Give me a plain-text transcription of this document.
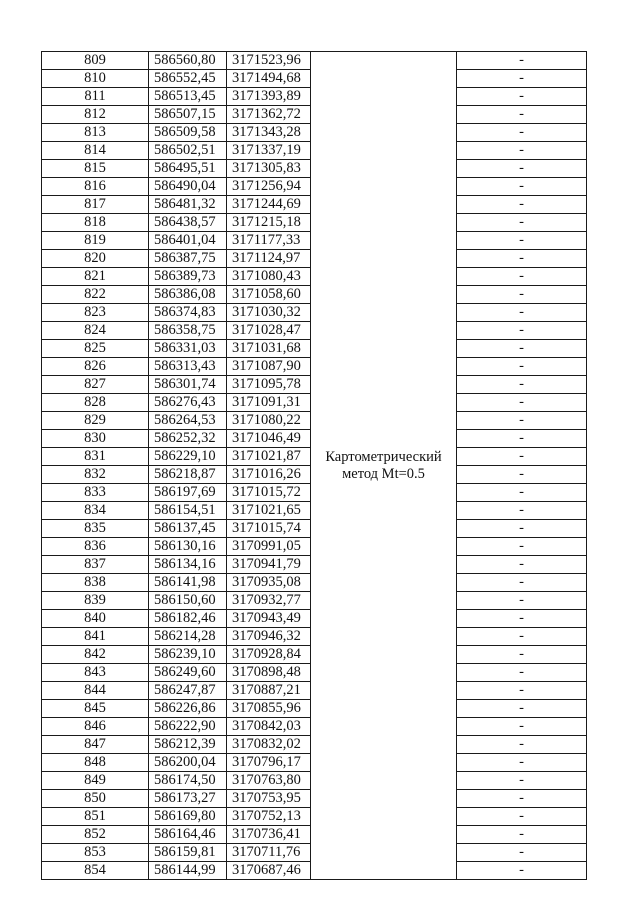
809	586560,80	3171523,96	Картометрический
метод Mt=0.5	-
810	586552,45	3171494,68		-
811	586513,45	3171393,89		-
812	586507,15	3171362,72		-
813	586509,58	3171343,28		-
814	586502,51	3171337,19		-
815	586495,51	3171305,83		-
816	586490,04	3171256,94		-
817	586481,32	3171244,69		-
818	586438,57	3171215,18		-
819	586401,04	3171177,33		-
820	586387,75	3171124,97		-
821	586389,73	3171080,43		-
822	586386,08	3171058,60		-
823	586374,83	3171030,32		-
824	586358,75	3171028,47		-
825	586331,03	3171031,68		-
826	586313,43	3171087,90		-
827	586301,74	3171095,78		-
828	586276,43	3171091,31		-
829	586264,53	3171080,22		-
830	586252,32	3171046,49		-
831	586229,10	3171021,87		-
832	586218,87	3171016,26		-
833	586197,69	3171015,72		-
834	586154,51	3171021,65		-
835	586137,45	3171015,74		-
836	586130,16	3170991,05		-
837	586134,16	3170941,79		-
838	586141,98	3170935,08		-
839	586150,60	3170932,77		-
840	586182,46	3170943,49		-
841	586214,28	3170946,32		-
842	586239,10	3170928,84		-
843	586249,60	3170898,48		-
844	586247,87	3170887,21		-
845	586226,86	3170855,96		-
846	586222,90	3170842,03		-
847	586212,39	3170832,02		-
848	586200,04	3170796,17		-
849	586174,50	3170763,80		-
850	586173,27	3170753,95		-
851	586169,80	3170752,13		-
852	586164,46	3170736,41		-
853	586159,81	3170711,76		-
854	586144,99	3170687,46		-
